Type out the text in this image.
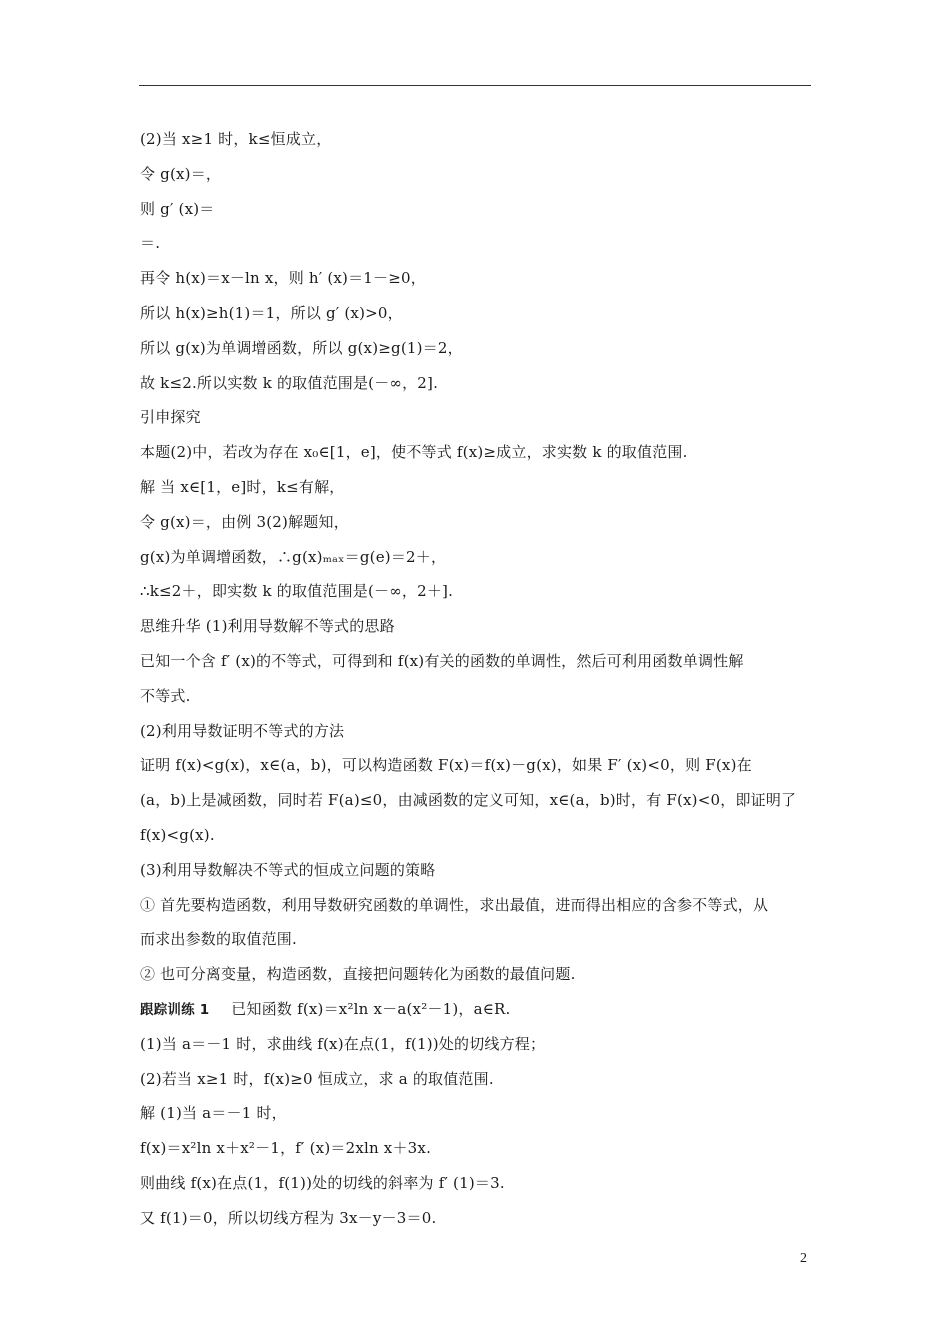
(2)当 x≥1 时，k≤恒成立，
令 g(x)＝，
则 g′ (x)＝
＝.
再令 h(x)＝x－ln x，则 h′ (x)＝1－≥0，
所以 h(x)≥h(1)＝1，所以 g′ (x)>0，
所以 g(x)为单调增函数，所以 g(x)≥g(1)＝2，
故 k≤2.所以实数 k 的取值范围是(－∞，2].
引申探究
本题(2)中，若改为存在 x₀∈[1，e]，使不等式 f(x)≥成立，求实数 k 的取值范围.
解 当 x∈[1，e]时，k≤有解，
令 g(x)＝，由例 3(2)解题知，
g(x)为单调增函数，∴g(x)ₘₐₓ＝g(e)＝2＋，
∴k≤2＋，即实数 k 的取值范围是(－∞，2＋].
思维升华 (1)利用导数解不等式的思路
已知一个含 f′ (x)的不等式，可得到和 f(x)有关的函数的单调性，然后可利用函数单调性解
不等式.
(2)利用导数证明不等式的方法
证明 f(x)<g(x)，x∈(a，b)，可以构造函数 F(x)＝f(x)－g(x)，如果 F′ (x)<0，则 F(x)在
(a，b)上是减函数，同时若 F(a)≤0，由减函数的定义可知，x∈(a，b)时，有 F(x)<0，即证明了
f(x)<g(x).
(3)利用导数解决不等式的恒成立问题的策略
① 首先要构造函数，利用导数研究函数的单调性，求出最值，进而得出相应的含参不等式，从
而求出参数的取值范围.
② 也可分离变量，构造函数，直接把问题转化为函数的最值问题.
跟踪训练 1 已知函数 f(x)＝x²ln x－a(x²－1)，a∈R.
(1)当 a＝－1 时，求曲线 f(x)在点(1，f(1))处的切线方程；
(2)若当 x≥1 时，f(x)≥0 恒成立，求 a 的取值范围.
解 (1)当 a＝－1 时，
f(x)＝x²ln x＋x²－1，f′ (x)＝2xln x＋3x.
则曲线 f(x)在点(1，f(1))处的切线的斜率为 f′ (1)＝3.
又 f(1)＝0，所以切线方程为 3x－y－3＝0.
2
